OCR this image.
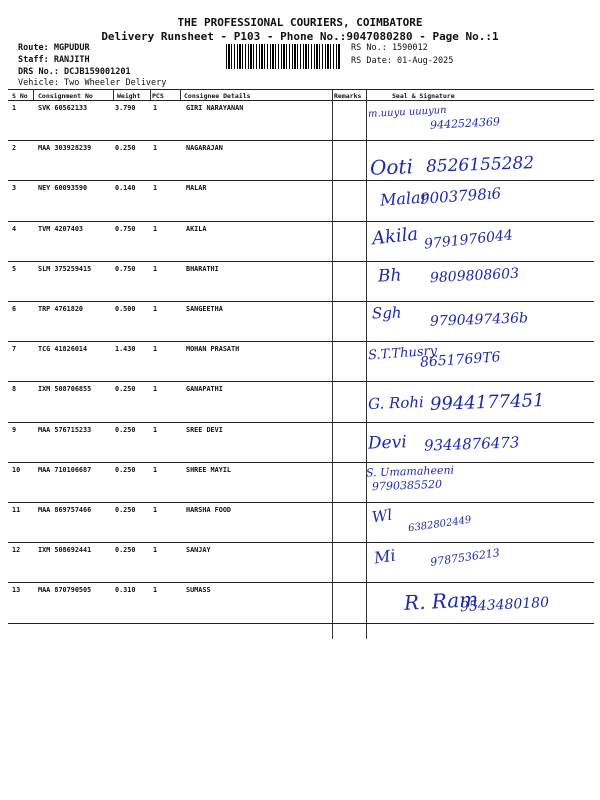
THE PROFESSIONAL COURIERS, COIMBATORE
Delivery Runsheet - P103 - Phone No.:9047080280 - Page No.:1
Route: MGPUDUR
Staff: RANJITH
DRS No.: DCJB159001201
Vehicle: Two Wheeler Delivery
RS No.: 1590012
RS Date: 01-Aug-2025
S No Consignment No	Weight PCS	Consignee Details	Remarks	Seal & Signature
1	SVK 60562133	3.790	1	GIRI NARAYANAN	m.uuyu uuuyun
9442524369
2	MAA 303928239	0.250	1	NAGARAJAN
Ooti 8526155282
3	NEY 60093590	0.140	1	MALAR	Malar
9003798ı6
4	TVM 4207403	0.750	1	AKILA	Akila 9791976044
5	SLM 375259415	0.750	1	BHARATHI	Bh 9809808603
6	TRP 4761820	0.500	1	SANGEETHA	Sgh 9790497436b
7	TCG 41826014	1.430	1	MOHAN PRASATH	S.T.Thusry
8651769T6
8	IXM 508706855	0.250	1	GANAPATHI
G. Rohi 9944177451
9	MAA 576715233	0.250	1	SREE DEVI
Devi 9344876473
10	MAA 710106687	0.250	1	SHREE MAYIL	S. Umamaheeni
9790385520
11	MAA 869757466	0.250	1	HARSHA FOOD	Wl 6382802449
12	IXM 508692441	0.250	1	SANJAY	Mi	9787536213
13	MAA 870790505	0.310	1	SUMASS	R. Ram
9543480180
